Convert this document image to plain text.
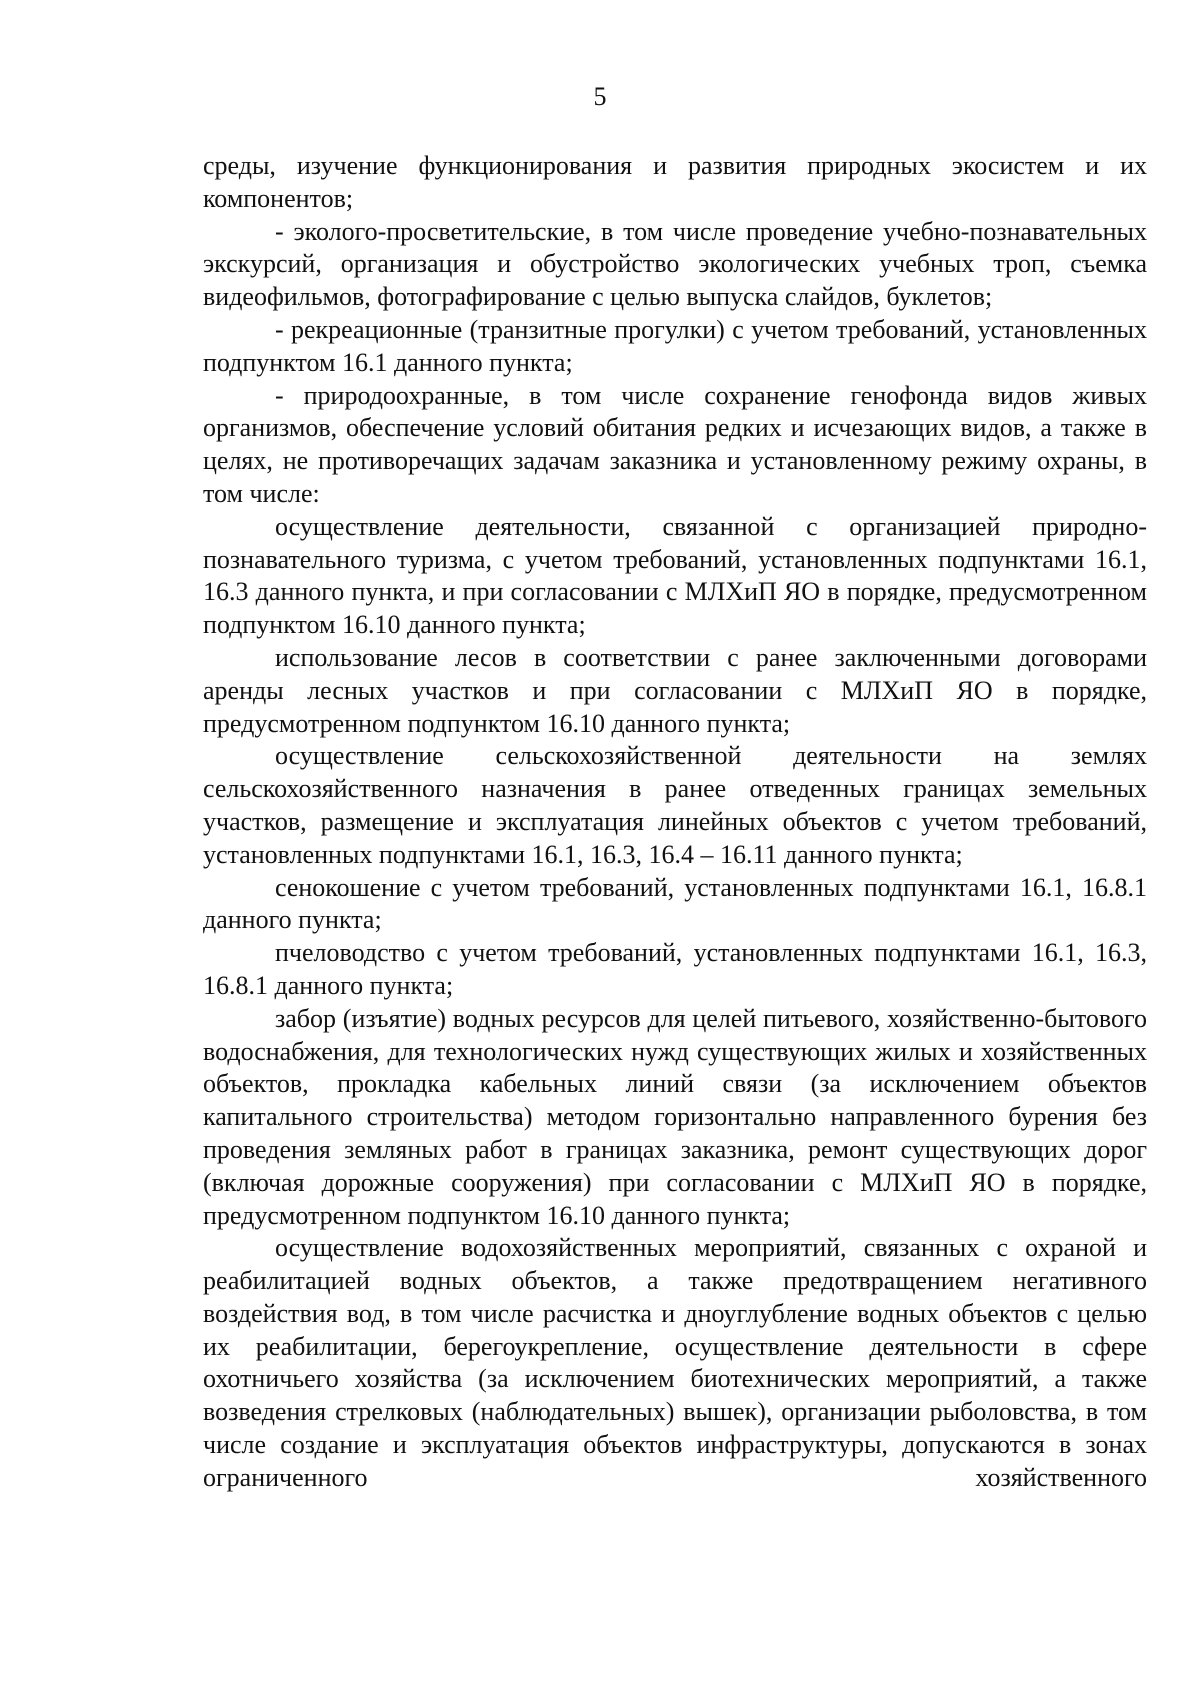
5

среды, изучение функционирования и развития природных экосистем и их компонентов;

- эколого-просветительские, в том числе проведение учебно-познавательных экскурсий, организация и обустройство экологических учебных троп, съемка видеофильмов, фотографирование с целью выпуска слайдов, буклетов;

- рекреационные (транзитные прогулки) с учетом требований, установленных подпунктом 16.1 данного пункта;

- природоохранные, в том числе сохранение генофонда видов живых организмов, обеспечение условий обитания редких и исчезающих видов, а также в целях, не противоречащих задачам заказника и установленному режиму охраны, в том числе:

осуществление деятельности, связанной с организацией природно-познавательного туризма, с учетом требований, установленных подпунктами 16.1, 16.3 данного пункта, и при согласовании с МЛХиП ЯО в порядке, предусмотренном подпунктом 16.10 данного пункта;

использование лесов в соответствии с ранее заключенными договорами аренды лесных участков и при согласовании с МЛХиП ЯО в порядке, предусмотренном подпунктом 16.10 данного пункта;

осуществление сельскохозяйственной деятельности на землях сельскохозяйственного назначения в ранее отведенных границах земельных участков, размещение и эксплуатация линейных объектов с учетом требований, установленных подпунктами 16.1, 16.3, 16.4 – 16.11 данного пункта;

сенокошение с учетом требований, установленных подпунктами 16.1, 16.8.1 данного пункта;

пчеловодство с учетом требований, установленных подпунктами 16.1, 16.3, 16.8.1 данного пункта;

забор (изъятие) водных ресурсов для целей питьевого, хозяйственно-бытового водоснабжения, для технологических нужд существующих жилых и хозяйственных объектов, прокладка кабельных линий связи (за исключением объектов капитального строительства) методом горизонтально направленного бурения без проведения земляных работ в границах заказника, ремонт существующих дорог (включая дорожные сооружения) при согласовании с МЛХиП ЯО в порядке, предусмотренном подпунктом 16.10 данного пункта;

осуществление водохозяйственных мероприятий, связанных с охраной и реабилитацией водных объектов, а также предотвращением негативного воздействия вод, в том числе расчистка и дноуглубление водных объектов с целью их реабилитации, берегоукрепление, осуществление деятельности в сфере охотничьего хозяйства (за исключением биотехнических мероприятий, а также возведения стрелковых (наблюдательных) вышек), организации рыболовства, в том числе создание и эксплуатация объектов инфраструктуры, допускаются в зонах ограниченного хозяйственного
